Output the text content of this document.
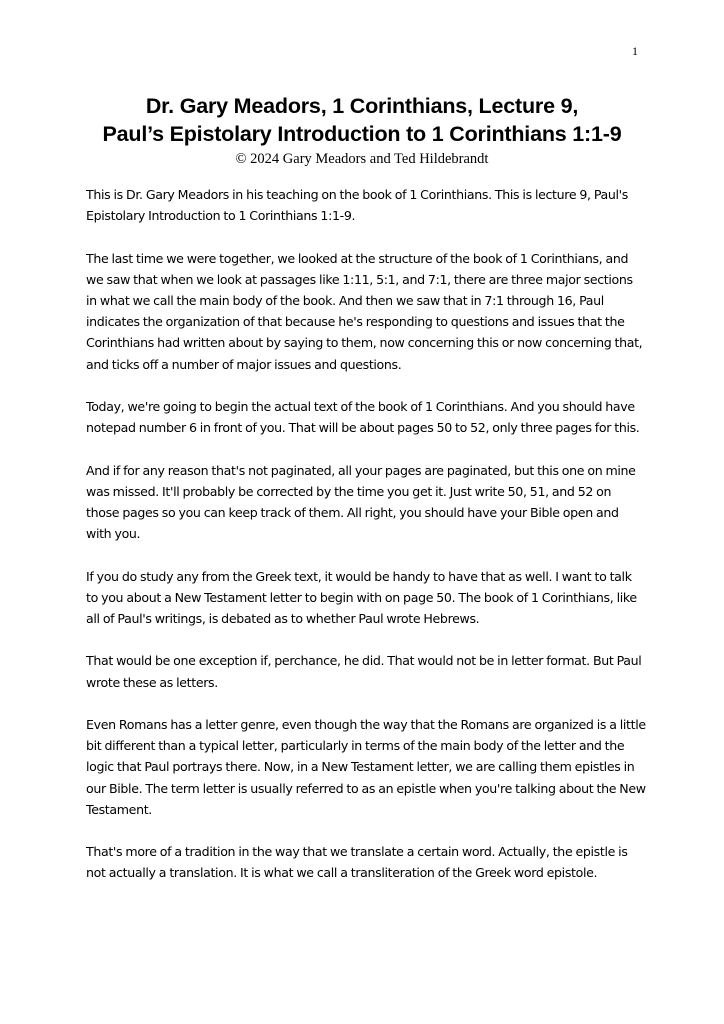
1

Dr. Gary Meadors, 1 Corinthians, Lecture 9,

Paul’s Epistolary Introduction to 1 Corinthians 1:1-9

© 2024 Gary Meadors and Ted Hildebrandt

This is Dr. Gary Meadors in his teaching on the book of 1 Corinthians. This is lecture 9, Paul's Epistolary Introduction to 1 Corinthians 1:1-9.

The last time we were together, we looked at the structure of the book of 1 Corinthians, and we saw that when we look at passages like 1:11, 5:1, and 7:1, there are three major sections in what we call the main body of the book. And then we saw that in 7:1 through 16, Paul indicates the organization of that because he's responding to questions and issues that the Corinthians had written about by saying to them, now concerning this or now concerning that, and ticks off a number of major issues and questions.

Today, we're going to begin the actual text of the book of 1 Corinthians. And you should have notepad number 6 in front of you. That will be about pages 50 to 52, only three pages for this.

And if for any reason that's not paginated, all your pages are paginated, but this one on mine was missed. It'll probably be corrected by the time you get it. Just write 50, 51, and 52 on those pages so you can keep track of them. All right, you should have your Bible open and with you.

If you do study any from the Greek text, it would be handy to have that as well. I want to talk to you about a New Testament letter to begin with on page 50. The book of 1 Corinthians, like all of Paul's writings, is debated as to whether Paul wrote Hebrews.

That would be one exception if, perchance, he did. That would not be in letter format. But Paul wrote these as letters.

Even Romans has a letter genre, even though the way that the Romans are organized is a little bit different than a typical letter, particularly in terms of the main body of the letter and the logic that Paul portrays there. Now, in a New Testament letter, we are calling them epistles in our Bible. The term letter is usually referred to as an epistle when you're talking about the New Testament.

That's more of a tradition in the way that we translate a certain word. Actually, the epistle is not actually a translation. It is what we call a transliteration of the Greek word epistole.
